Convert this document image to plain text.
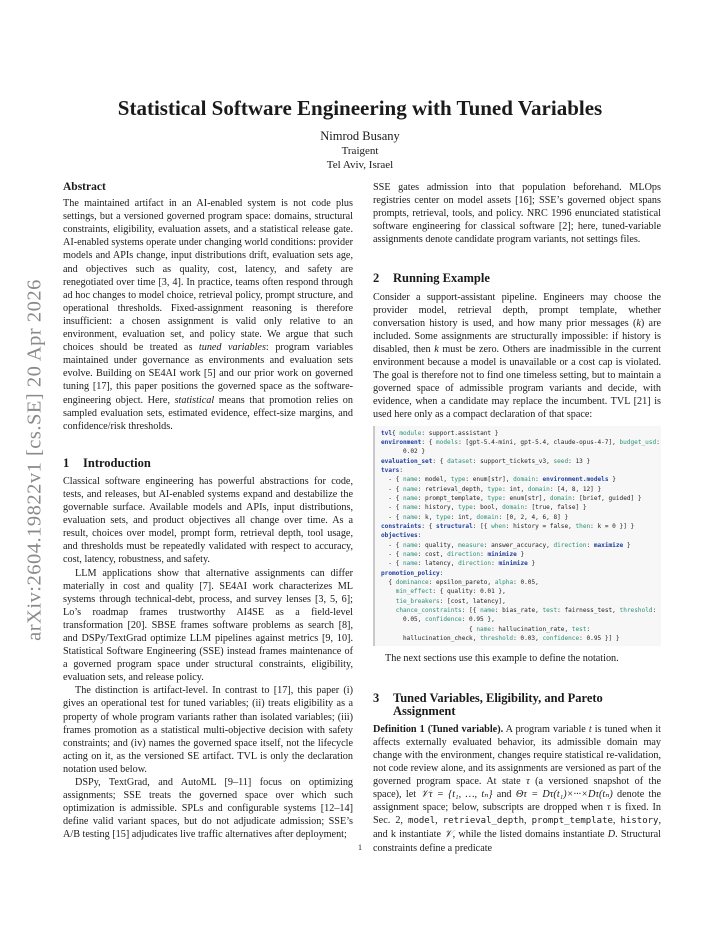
arXiv:2604.19822v1 [cs.SE] 20 Apr 2026
Statistical Software Engineering with Tuned Variables
Nimrod Busany
Traigent
Tel Aviv, Israel
Abstract

The maintained artifact in an AI-enabled system is not code plus settings, but a versioned governed program space: domains, structural constraints, eligibility, evaluation assets, and a statistical release gate. AI-enabled systems operate under changing world conditions: provider models and APIs change, input distributions drift, evaluation sets age, and objectives such as quality, cost, latency, and safety are renegotiated over time [3, 4]. In practice, teams often respond through ad hoc changes to model choice, retrieval policy, prompt structure, and operational thresholds. Fixed-assignment reasoning is therefore insufficient: a chosen assignment is valid only relative to an environment, evaluation set, and policy state. We argue that such choices should be treated as tuned variables: program variables maintained under governance as environments and evaluation sets evolve. Building on SE4AI work [5] and our prior work on governed tuning [17], this paper positions the governed space as the software-engineering object. Here, statistical means that promotion relies on sampled evaluation sets, estimated evidence, effect-size margins, and confidence/risk thresholds.

1	Introduction

Classical software engineering has powerful abstractions for code, tests, and releases, but AI-enabled systems expand and destabilize the governable surface. Available models and APIs, input distributions, evaluation sets, and product objectives all change over time. As a result, choices over model, prompt form, retrieval depth, tool usage, and thresholds must be repeatedly validated with respect to accuracy, cost, latency, robustness, and safety.

LLM applications show that alternative assignments can differ materially in cost and quality [7]. SE4AI work characterizes ML systems through technical-debt, process, and survey lenses [3, 5, 6]; Lo’s roadmap frames trustworthy AI4SE as a field-level transformation [20]. SBSE frames software problems as search [8], and DSPy/TextGrad optimize LLM pipelines against metrics [9, 10]. Statistical Software Engineering (SSE) instead frames maintenance of a governed program space under structural constraints, eligibility, evaluation sets, and release policy.

The distinction is artifact-level. In contrast to [17], this paper (i) gives an operational test for tuned variables; (ii) treats eligibility as a property of whole program variants rather than isolated variables; (iii) frames promotion as a statistical multi-objective decision with safety constraints; and (iv) names the governed space itself, not the lifecycle acting on it, as the versioned SE artifact. TVL is only the declaration notation used below.

DSPy, TextGrad, and AutoML [9–11] focus on optimizing assignments; SSE treats the governed space over which such optimization is admissible. SPLs and configurable systems [12–14] define valid variant spaces, but do not adjudicate admission; SSE’s A/B testing [15] adjudicates live traffic alternatives after deployment;

SSE gates admission into that population beforehand. MLOps registries center on model assets [16]; SSE’s governed object spans prompts, retrieval, tools, and policy. NRC 1996 enunciated statistical software engineering for classical software [2]; here, tuned-variable assignments denote candidate program variants, not settings files.

2	Running Example

Consider a support-assistant pipeline. Engineers may choose the provider model, retrieval depth, prompt template, whether conversation history is used, and how many prior messages (k) are included. Some assignments are structurally impossible: if history is disabled, then k must be zero. Others are inadmissible in the current environment because a model is unavailable or a cost cap is violated. The goal is therefore not to find one timeless setting, but to maintain a governed space of admissible program variants and decide, with evidence, when a candidate may replace the incumbent. TVL [21] is used here only as a compact declaration of that space:

tvl{ module: support.assistant }
environment: { models: [gpt-5.4-mini, gpt-5.4, claude-opus-4-7], budget_usd:
0.02 }
evaluation_set: { dataset: support_tickets_v3, seed: 13 }
tvars:
- { name: model, type: enum[str], domain: environment.models }
- { name: retrieval_depth, type: int, domain: [4, 8, 12] }
- { name: prompt_template, type: enum[str], domain: [brief, guided] }
- { name: history, type: bool, domain: [true, false] }
- { name: k, type: int, domain: [0, 2, 4, 6, 8] }
constraints: { structural: [{ when: history = false, then: k = 0 }] }
objectives:
- { name: quality, measure: answer_accuracy, direction: maximize }
- { name: cost, direction: minimize }
- { name: latency, direction: minimize }
promotion_policy:
{ dominance: epsilon_pareto, alpha: 0.05,
min_effect: { quality: 0.01 },
tie_breakers: [cost, latency],
chance_constraints: [{ name: bias_rate, test: fairness_test, threshold:
0.05, confidence: 0.95 },
{ name: hallucination_rate, test:
hallucination_check, threshold: 0.03, confidence: 0.95 }] }

The next sections use this example to define the notation.

3	Tuned Variables, Eligibility, and Pareto
Assignment

Definition 1 (Tuned variable). A program variable t is tuned when it affects externally evaluated behavior, its admissible domain may change with the environment, changes require statistical re-validation, not code review alone, and its assignments are versioned as part of the governed program space. At state τ (a versioned snapshot of the space), let 𝒱τ = {t₁, …, tₙ} and Θτ = Dτ(t₁)×···×Dτ(tₙ) denote the assignment space; below, subscripts are dropped when τ is fixed. In Sec. 2, model, retrieval_depth, prompt_template, history, and k instantiate 𝒱, while the listed domains instantiate D. Structural constraints define a predicate

1
